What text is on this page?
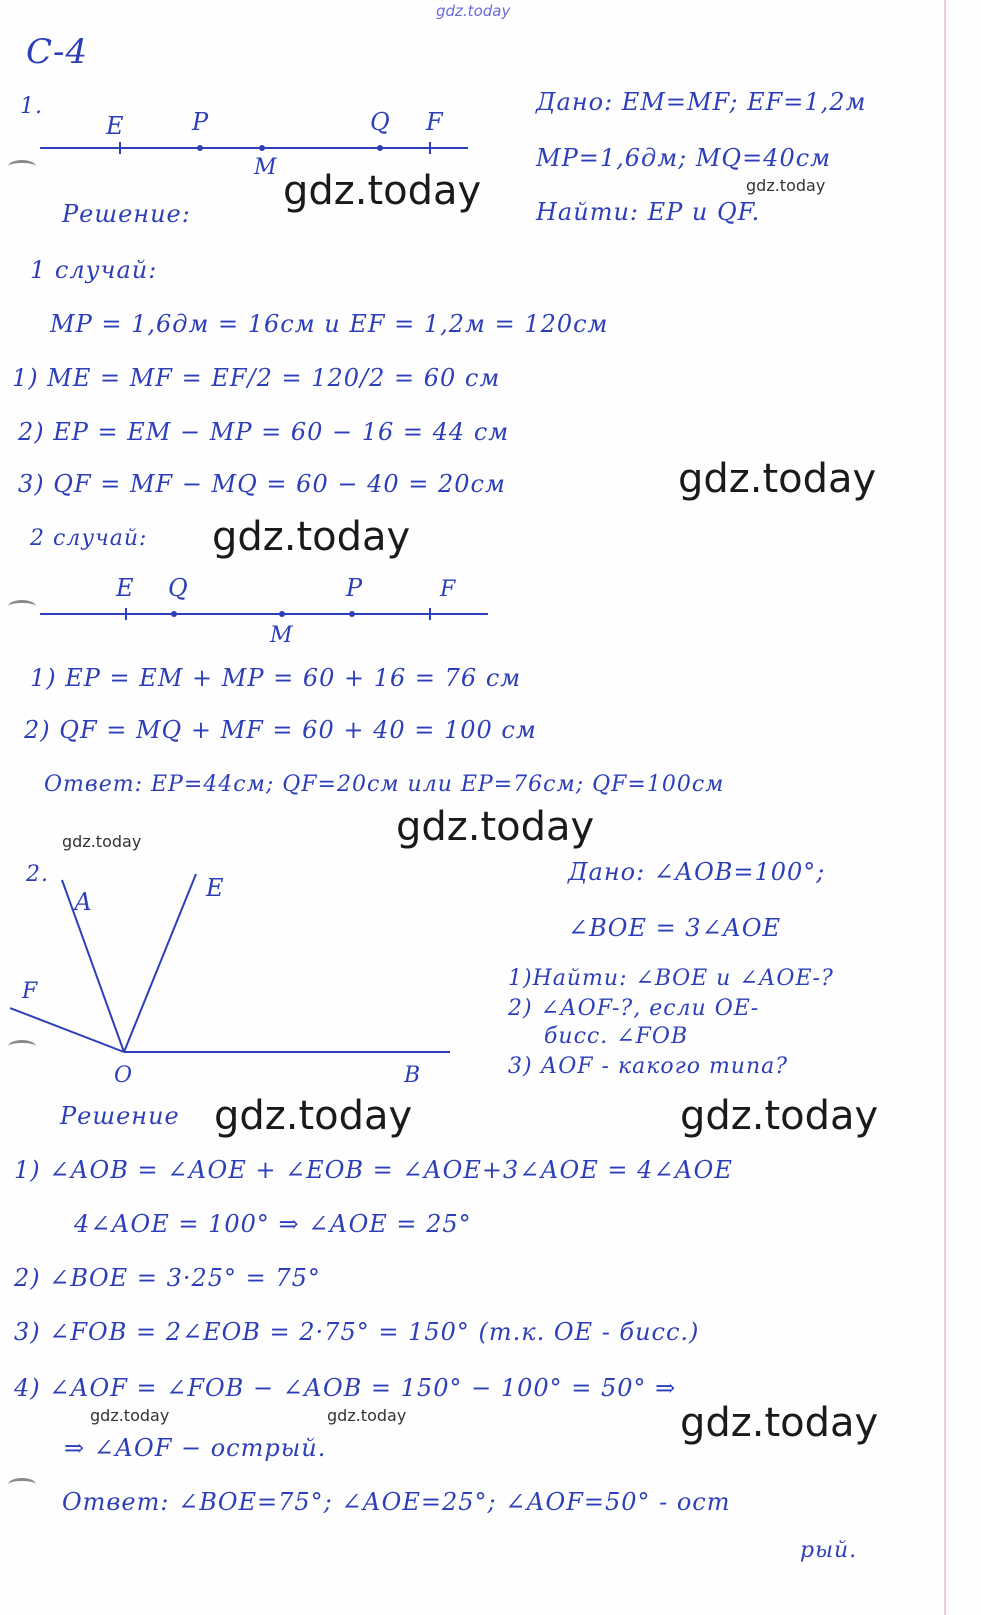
gdz.today
gdz.today	gdz.today
gdz.today
gdz.today
gdz.today
gdz.today
gdz.today	gdz.today
gdz.today	gdz.today	gdz.today
С-4
1.
Е	Р	Q F
М
Дано: ЕМ=МF; ЕF=1,2м
МР=1,6дм; МQ=40см
Найти: ЕР и QF.
Решение:
1 случай:
МР = 1,6дм = 16см и ЕF = 1,2м = 120см
1) МЕ = МF = ЕF/2 = 120/2 = 60 см
2) ЕР = ЕМ − МР = 60 − 16 = 44 см
3) QF = МF − МQ = 60 − 40 = 20см
2 случай:
Е Q	Р	F
М
1) ЕР = ЕМ + МР = 60 + 16 = 76 см
2) QF = МQ + МF = 60 + 40 = 100 см
Ответ: ЕР=44см; QF=20см или ЕР=76см; QF=100см
2.
А	Е
F
О	В
Дано: ∠АОВ=100°;
∠ВОЕ = 3∠АОЕ
1)Найти: ∠ВОЕ и ∠АОЕ-?
2) ∠АОF-?, если ОЕ-
бисс. ∠FОВ
3) АОF - какого типа?
Решение
1) ∠АОВ = ∠АОЕ + ∠ЕОВ = ∠АОЕ+3∠АОЕ = 4∠АОЕ
4∠АОЕ = 100° ⇒ ∠АОЕ = 25°
2) ∠ВОЕ = 3·25° = 75°
3) ∠FОВ = 2∠ЕОВ = 2·75° = 150° (т.к. ОЕ - бисс.)
4) ∠АОF = ∠FОВ − ∠АОВ = 150° − 100° = 50° ⇒
⇒ ∠АОF − острый.
Ответ: ∠ВОЕ=75°; ∠АОЕ=25°; ∠АОF=50° - ост
рый.
